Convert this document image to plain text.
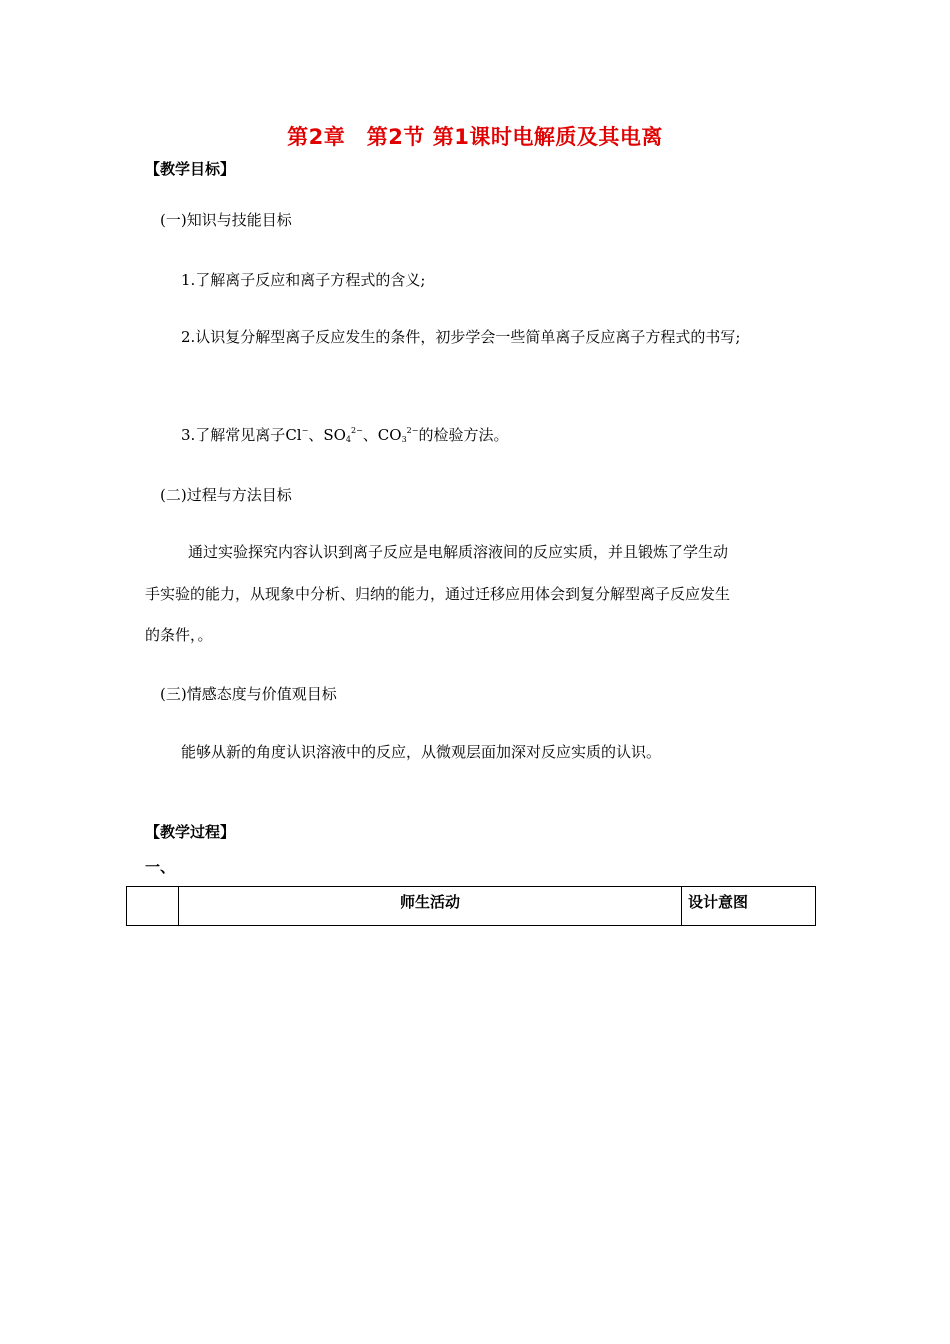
第2章　第2节 第1课时电解质及其电离
【教学目标】
(一)知识与技能目标
1.了解离子反应和离子方程式的含义;
2.认识复分解型离子反应发生的条件，初步学会一些简单离子反应离子方程式的书写;
3.了解常见离子Cl−、$SO_4^{2-}$、$CO_3^{2-}$的检验方法。
(二)过程与方法目标
通过实验探究内容认识到离子反应是电解质溶液间的反应实质，并且锻炼了学生动
手实验的能力，从现象中分析、归纳的能力，通过迁移应用体会到复分解型离子反应发生
的条件，。
(三)情感态度与价值观目标
能够从新的角度认识溶液中的反应，从微观层面加深对反应实质的认识。
【教学过程】
一、
	师生活动	设计意图
